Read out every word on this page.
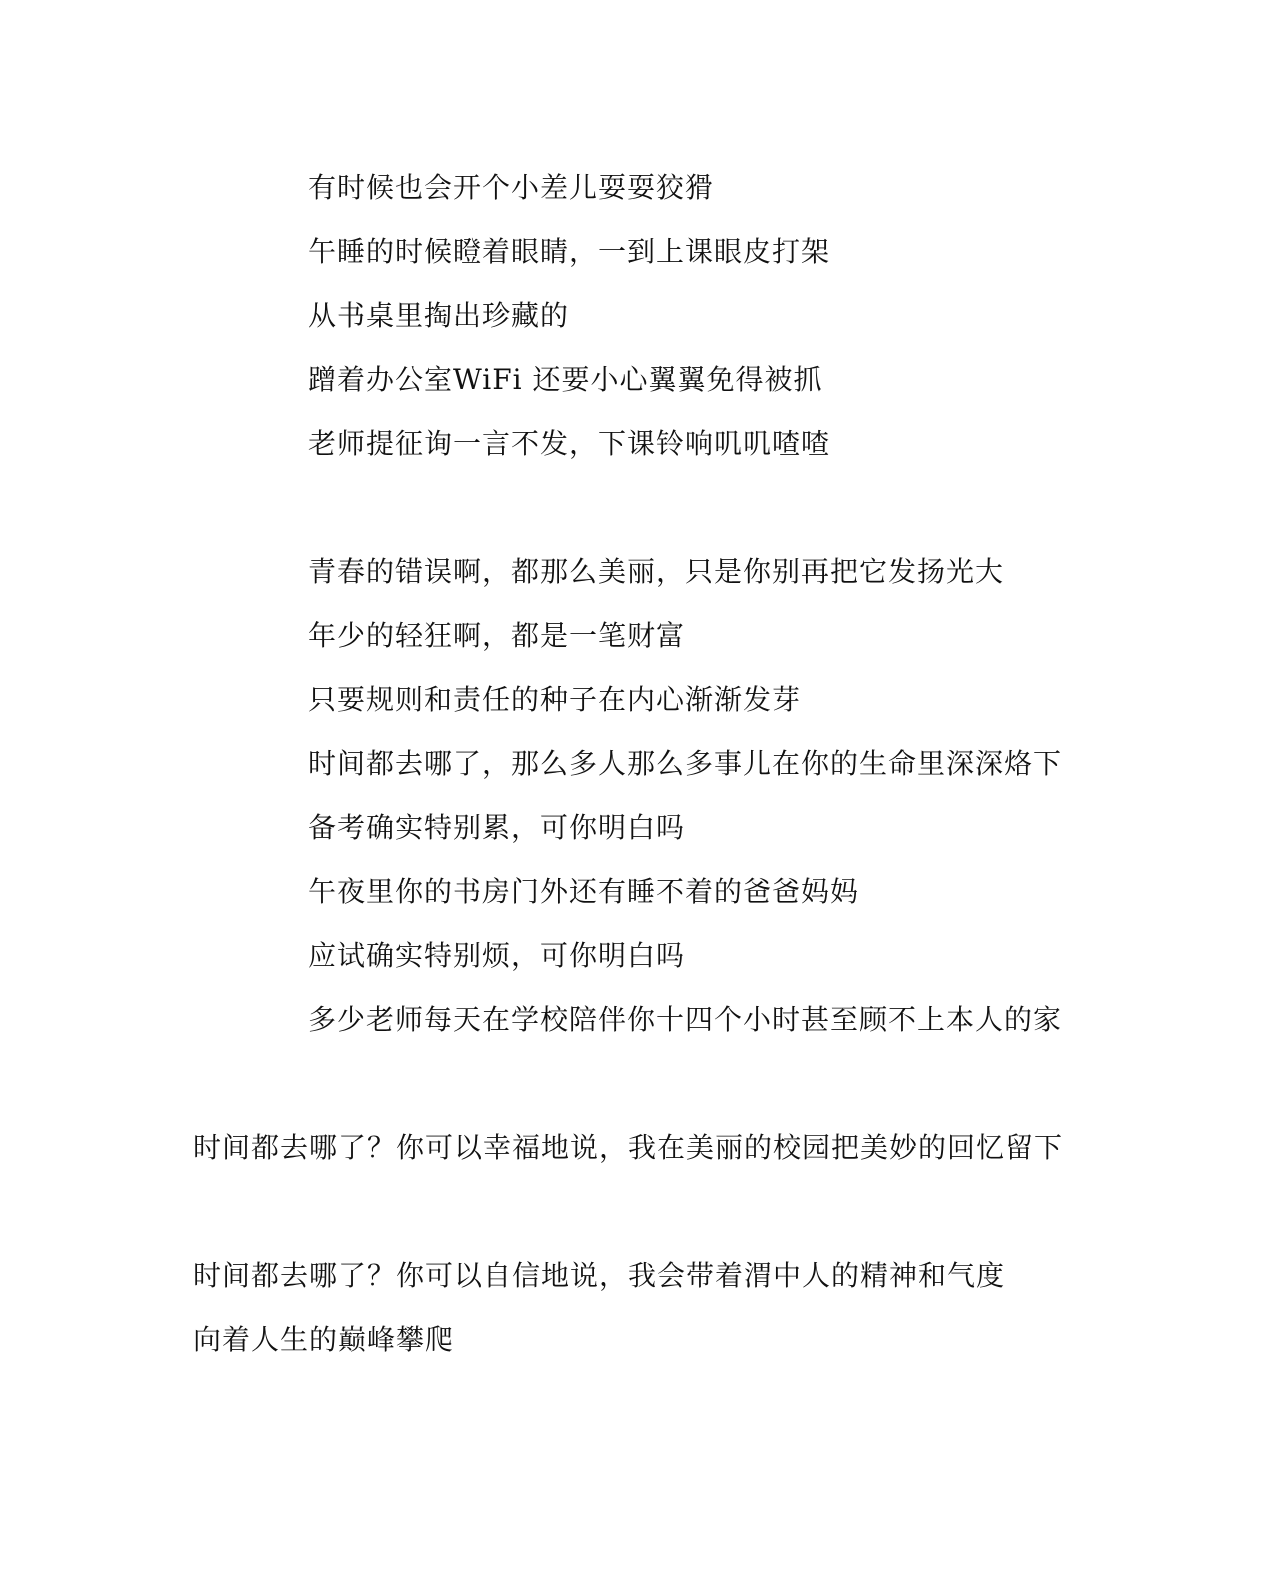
有时候也会开个小差儿耍耍狡猾
午睡的时候瞪着眼睛，一到上课眼皮打架
从书桌里掏出珍藏的
蹭着办公室WiFi 还要小心翼翼免得被抓
老师提征询一言不发，下课铃响叽叽喳喳
青春的错误啊，都那么美丽，只是你别再把它发扬光大
年少的轻狂啊，都是一笔财富
只要规则和责任的种子在内心渐渐发芽
时间都去哪了，那么多人那么多事儿在你的生命里深深烙下
备考确实特别累，可你明白吗
午夜里你的书房门外还有睡不着的爸爸妈妈
应试确实特别烦，可你明白吗
多少老师每天在学校陪伴你十四个小时甚至顾不上本人的家
时间都去哪了？你可以幸福地说，我在美丽的校园把美妙的回忆留下
时间都去哪了？你可以自信地说，我会带着渭中人的精神和气度
向着人生的巅峰攀爬
